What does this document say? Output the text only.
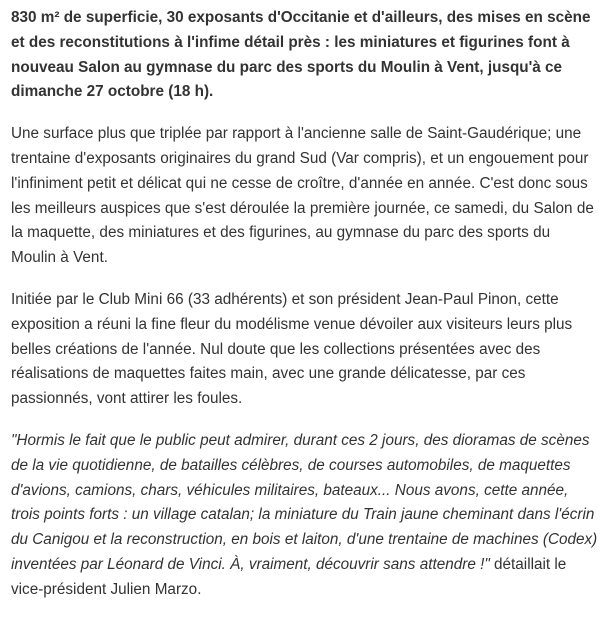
830 m² de superficie, 30 exposants d'Occitanie et d'ailleurs, des mises en scène et des reconstitutions à l'infime détail près : les miniatures et figurines font à nouveau Salon au gymnase du parc des sports du Moulin à Vent, jusqu'à ce dimanche 27 octobre (18 h).

Une surface plus que triplée par rapport à l'ancienne salle de Saint-Gaudérique; une trentaine d'exposants originaires du grand Sud (Var compris), et un engouement pour l'infiniment petit et délicat qui ne cesse de croître, d'année en année. C'est donc sous les meilleurs auspices que s'est déroulée la première journée, ce samedi, du Salon de la maquette, des miniatures et des figurines, au gymnase du parc des sports du Moulin à Vent.

Initiée par le Club Mini 66 (33 adhérents) et son président Jean-Paul Pinon, cette exposition a réuni la fine fleur du modélisme venue dévoiler aux visiteurs leurs plus belles créations de l'année. Nul doute que les collections présentées avec des réalisations de maquettes faites main, avec une grande délicatesse, par ces passionnés, vont attirer les foules.

"Hormis le fait que le public peut admirer, durant ces 2 jours, des dioramas de scènes de la vie quotidienne, de batailles célèbres, de courses automobiles, de maquettes d'avions, camions, chars, véhicules militaires, bateaux... Nous avons, cette année, trois points forts : un village catalan; la miniature du Train jaune cheminant dans l'écrin du Canigou et la reconstruction, en bois et laiton, d'une trentaine de machines (Codex) inventées par Léonard de Vinci. À, vraiment, découvrir sans attendre !" détaillait le vice-président Julien Marzo.
